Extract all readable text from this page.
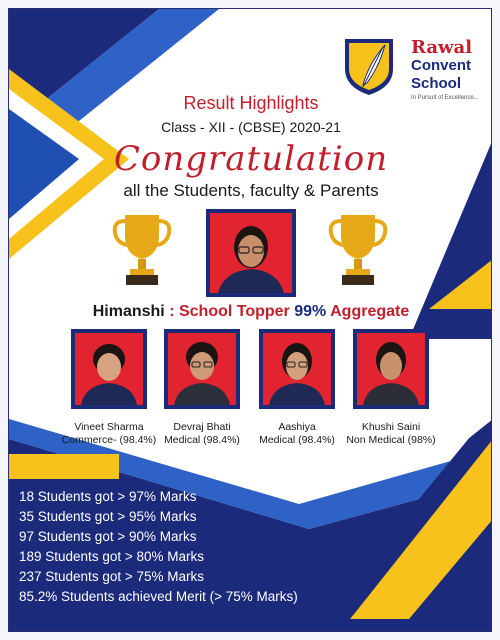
Rawal
Convent
School
In Pursuit of Excellence...
Result Highlights
Class - XII - (CBSE) 2020-21
Congratulation
all the Students, faculty & Parents
Himanshi : School Topper 99% Aggregate
Vineet Sharma
Commerce- (98.4%)
Devraj Bhati
Medical (98.4%)
Aashiya
Medical (98.4%)
Khushi Saini
Non Medical (98%)
18 Students got > 97% Marks
35 Students got > 95% Marks
97 Students got > 90% Marks
189 Students got > 80% Marks
237 Students got > 75% Marks
85.2% Students achieved Merit (> 75% Marks)
